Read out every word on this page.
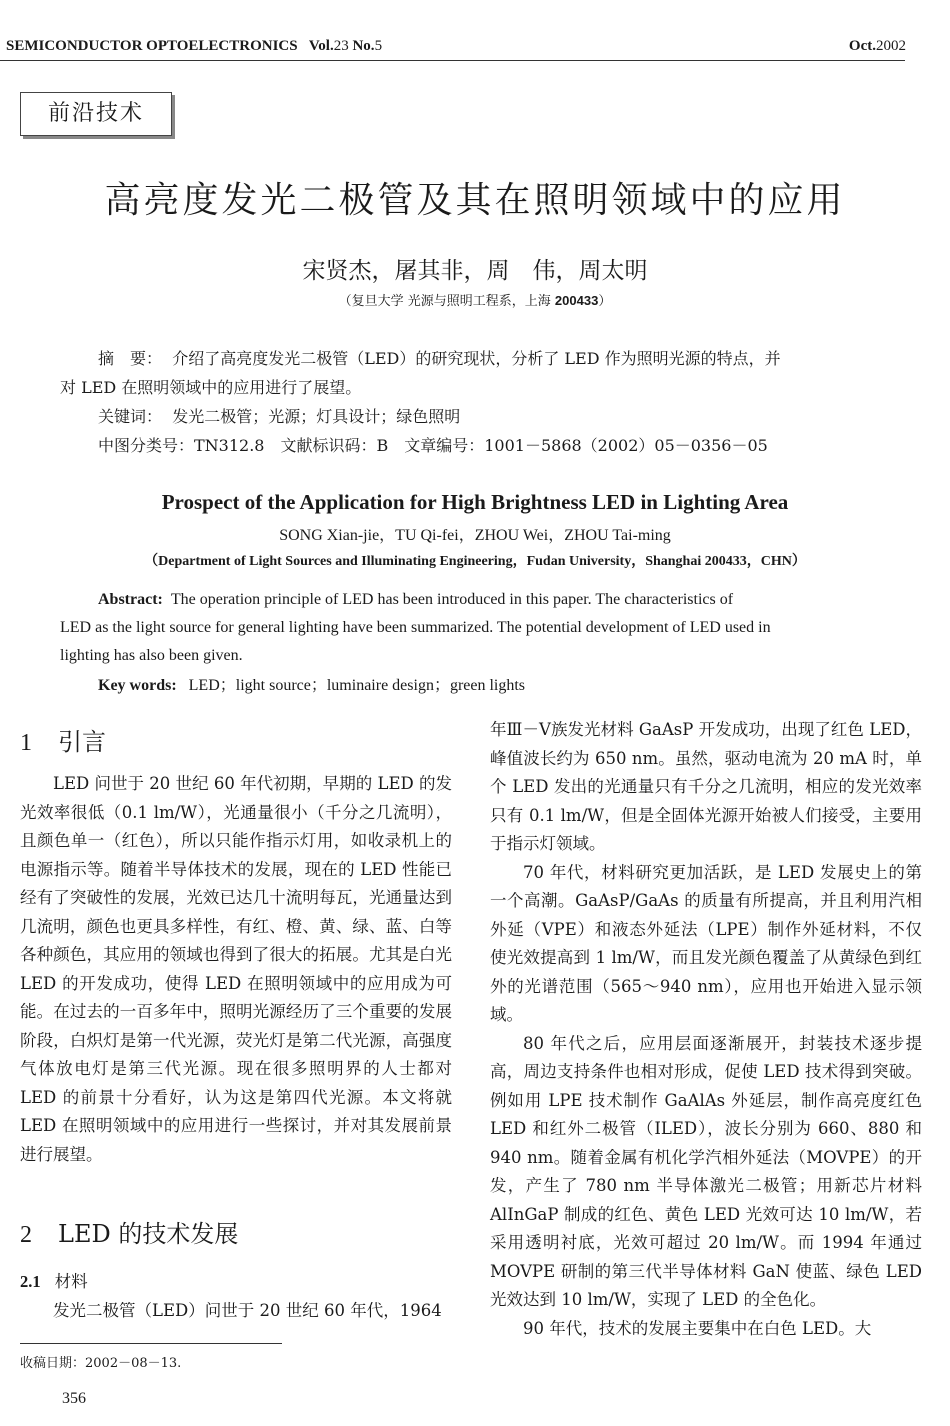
SEMICONDUCTOR OPTOELECTRONICS Vol.23 No.5	Oct.2002
前沿技术
高亮度发光二极管及其在照明领域中的应用
宋贤杰，屠其非，周　伟，周太明
（复旦大学 光源与照明工程系，上海 200433）

摘　要： 介绍了高亮度发光二极管（LED）的研究现状，分析了 LED 作为照明光源的特点，并

对 LED 在照明领域中的应用进行了展望。

关键词： 发光二极管；光源；灯具设计；绿色照明

中图分类号：TN312.8　文献标识码：B　文章编号：1001－5868（2002）05－0356－05

Prospect of the Application for High Brightness LED in Lighting Area
SONG Xian-jie，TU Qi-fei，ZHOU Wei，ZHOU Tai-ming
（Department of Light Sources and Illuminating Engineering，Fudan University，Shanghai 200433，CHN）

Abstract: The operation principle of LED has been introduced in this paper. The characteristics of

LED as the light source for general lighting have been summarized. The potential development of LED used in

lighting has also been given.

Key words: LED；light source；luminaire design；green lights

1 引言

LED 问世于 20 世纪 60 年代初期，早期的 LED 的发光效率很低（0.1 lm/W），光通量很小（千分之几流明），且颜色单一（红色），所以只能作指示灯用，如收录机上的电源指示等。随着半导体技术的发展，现在的 LED 性能已经有了突破性的发展，光效已达几十流明每瓦，光通量达到几流明，颜色也更具多样性，有红、橙、黄、绿、蓝、白等各种颜色，其应用的领域也得到了很大的拓展。尤其是白光 LED 的开发成功，使得 LED 在照明领域中的应用成为可能。在过去的一百多年中，照明光源经历了三个重要的发展阶段，白炽灯是第一代光源，荧光灯是第二代光源，高强度气体放电灯是第三代光源。现在很多照明界的人士都对 LED 的前景十分看好，认为这是第四代光源。本文将就 LED 在照明领域中的应用进行一些探讨，并对其发展前景进行展望。

2 LED 的技术发展
2.1 材料

发光二极管（LED）问世于 20 世纪 60 年代，1964

年Ⅲ－Ⅴ族发光材料 GaAsP 开发成功，出现了红色 LED，峰值波长约为 650 nm。虽然，驱动电流为 20 mA 时，单个 LED 发出的光通量只有千分之几流明，相应的发光效率只有 0.1 lm/W，但是全固体光源开始被人们接受，主要用于指示灯领域。

70 年代，材料研究更加活跃，是 LED 发展史上的第一个高潮。GaAsP/GaAs 的质量有所提高，并且利用汽相外延（VPE）和液态外延法（LPE）制作外延材料，不仅使光效提高到 1 lm/W，而且发光颜色覆盖了从黄绿色到红外的光谱范围（565～940 nm），应用也开始进入显示领域。

80 年代之后，应用层面逐渐展开，封装技术逐步提高，周边支持条件也相对形成，促使 LED 技术得到突破。例如用 LPE 技术制作 GaAlAs 外延层，制作高亮度红色 LED 和红外二极管（ILED），波长分别为 660、880 和 940 nm。随着金属有机化学汽相外延法（MOVPE）的开发，产生了 780 nm 半导体激光二极管；用新芯片材料 AlInGaP 制成的红色、黄色 LED 光效可达 10 lm/W，若采用透明衬底，光效可超过 20 lm/W。而 1994 年通过 MOVPE 研制的第三代半导体材料 GaN 使蓝、绿色 LED 光效达到 10 lm/W，实现了 LED 的全色化。

90 年代，技术的发展主要集中在白色 LED。大

收稿日期：2002－08－13.
356
